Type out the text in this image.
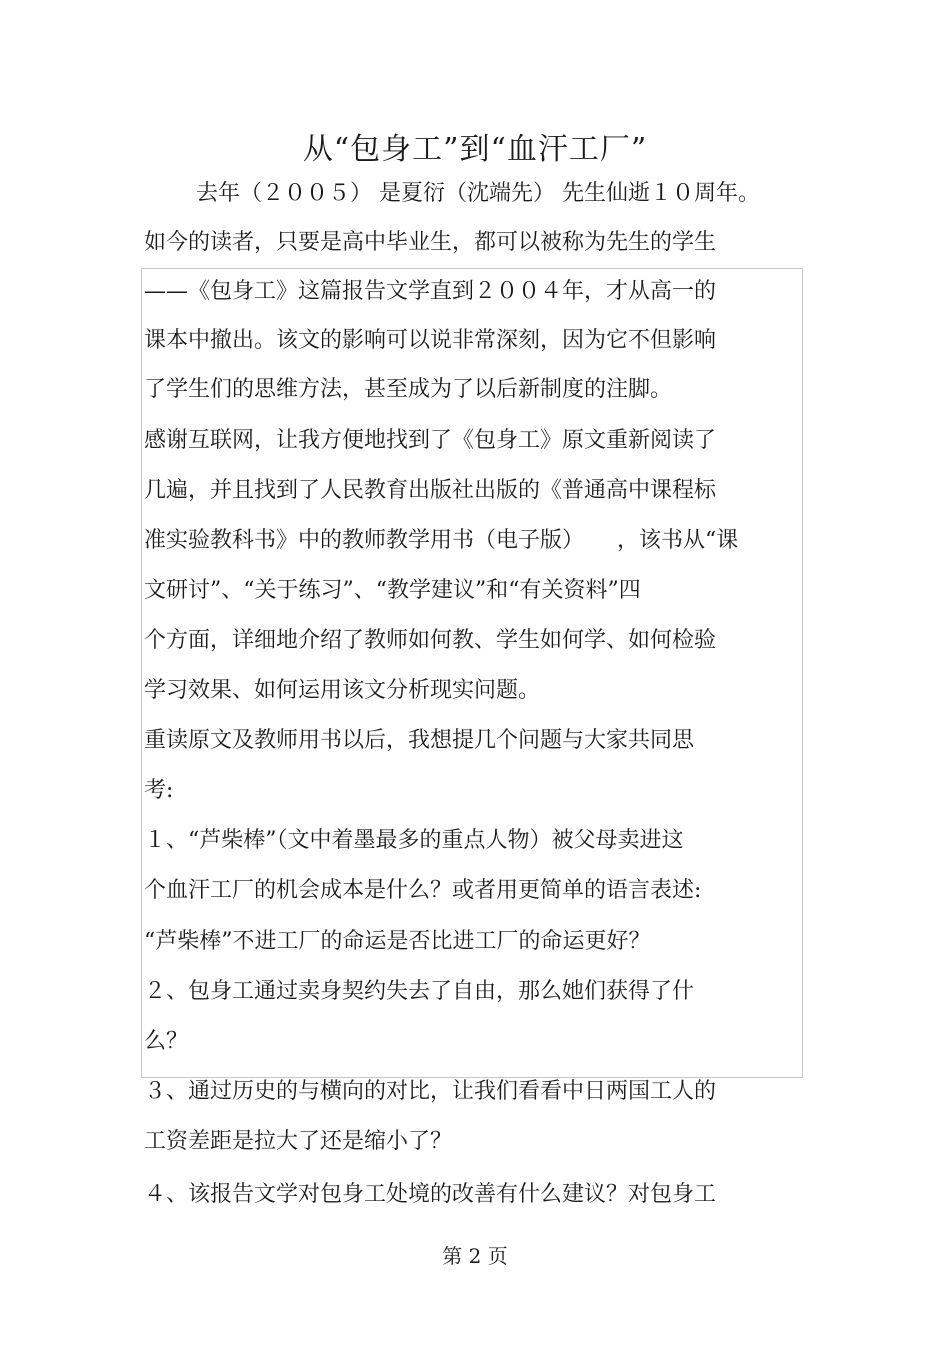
从“包身工”到“血汗工厂”
去年（２００５） 是夏衍（沈端先） 先生仙逝１０周年。
如今的读者，只要是高中毕业生，都可以被称为先生的学生
——《包身工》这篇报告文学直到２００４年，才从高一的
课本中撤出。该文的影响可以说非常深刻，因为它不但影响
了学生们的思维方法，甚至成为了以后新制度的注脚。
感谢互联网，让我方便地找到了《包身工》原文重新阅读了
几遍，并且找到了人民教育出版社出版的《普通高中课程标
准实验教科书》中的教师教学用书（电子版）　　，该书从“课
文研讨”、“关于练习”、“教学建议”和“有关资料”四
个方面，详细地介绍了教师如何教、学生如何学、如何检验
学习效果、如何运用该文分析现实问题。
重读原文及教师用书以后，我想提几个问题与大家共同思
考:
１、“芦柴棒”（文中着墨最多的重点人物）被父母卖进这
个血汗工厂的机会成本是什么？或者用更简单的语言表述:
“芦柴棒”不进工厂的命运是否比进工厂的命运更好？
２、包身工通过卖身契约失去了自由，那么她们获得了什
么？
３、通过历史的与横向的对比，让我们看看中日两国工人的
工资差距是拉大了还是缩小了？
４、该报告文学对包身工处境的改善有什么建议？对包身工
第 2 页
